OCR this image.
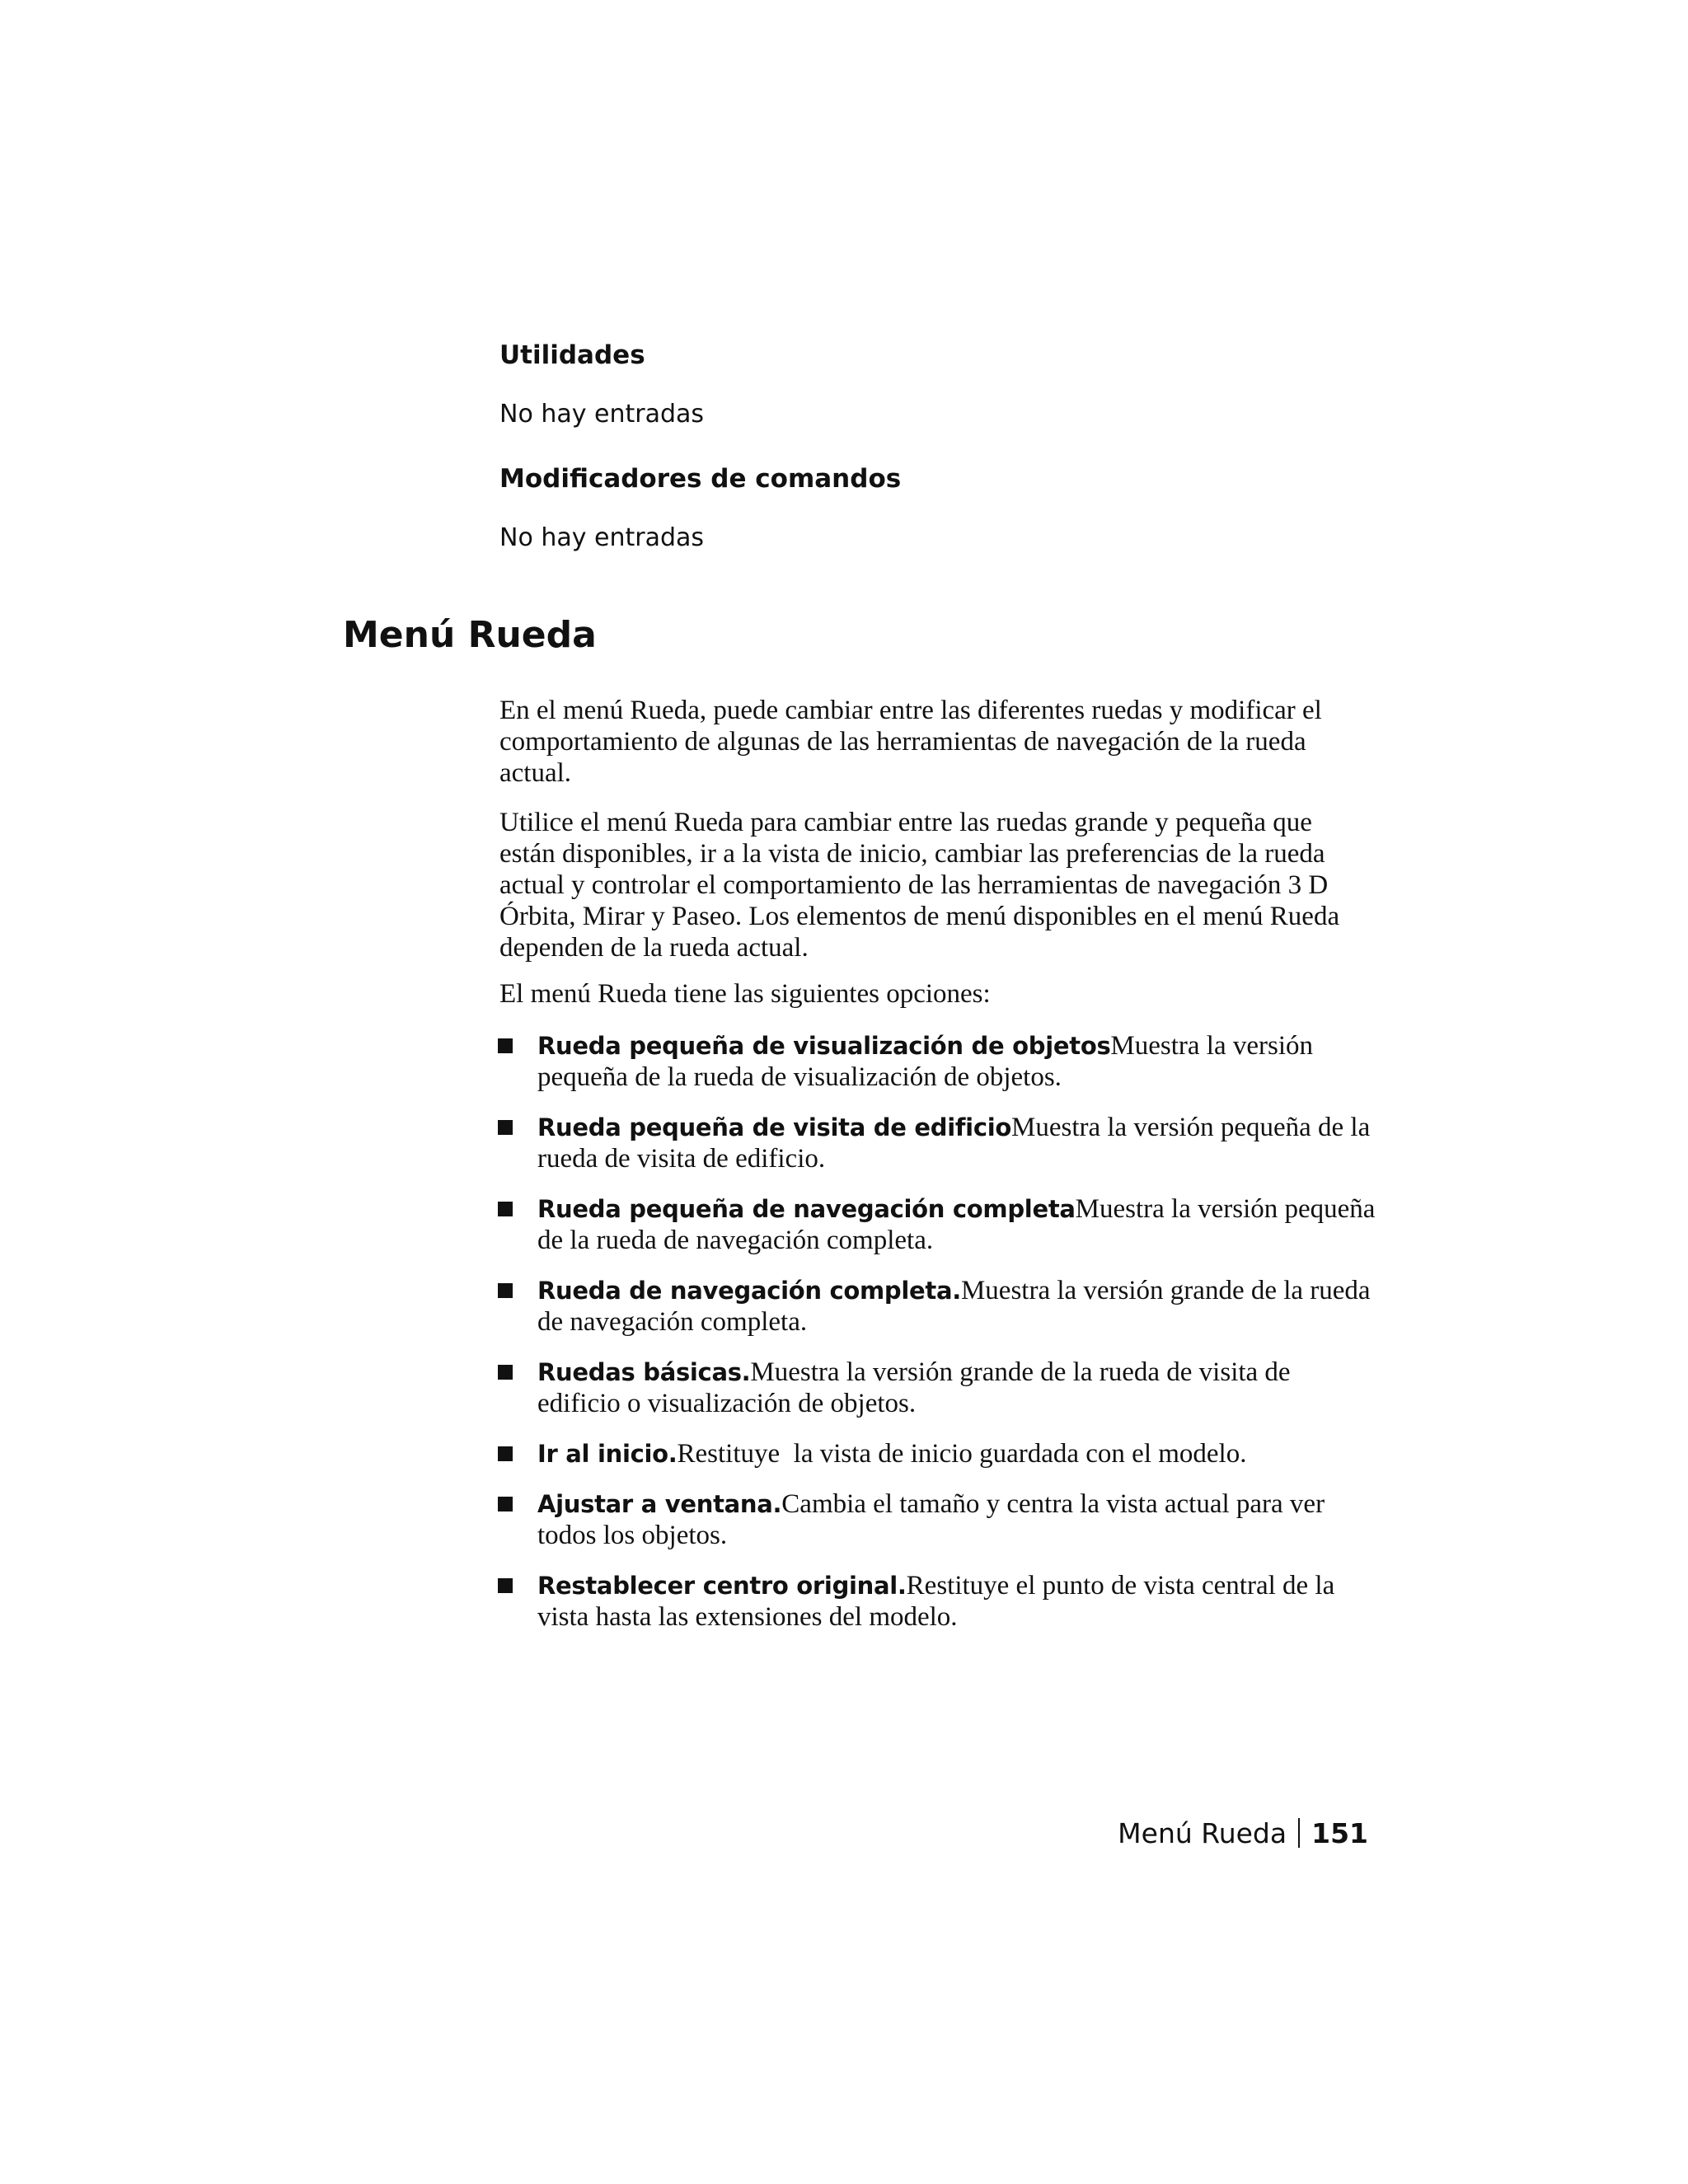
Utilidades

No hay entradas

Modificadores de comandos

No hay entradas

Menú Rueda

En el menú Rueda, puede cambiar entre las diferentes ruedas y modificar el comportamiento de algunas de las herramientas de navegación de la rueda actual.

Utilice el menú Rueda para cambiar entre las ruedas grande y pequeña que están disponibles, ir a la vista de inicio, cambiar las preferencias de la rueda actual y controlar el comportamiento de las herramientas de navegación 3 D Órbita, Mirar y Paseo. Los elementos de menú disponibles en el menú Rueda dependen de la rueda actual.

El menú Rueda tiene las siguientes opciones:

Rueda pequeña de visualización de objetosMuestra la versión pequeña de la rueda de visualización de objetos.
Rueda pequeña de visita de edificioMuestra la versión pequeña de la rueda de visita de edificio.
Rueda pequeña de navegación completaMuestra la versión pequeña de la rueda de navegación completa.
Rueda de navegación completa.Muestra la versión grande de la rueda de navegación completa.
Ruedas básicas.Muestra la versión grande de la rueda de visita de edificio o visualización de objetos.
Ir al inicio.Restituye  la vista de inicio guardada con el modelo.
Ajustar a ventana.Cambia el tamaño y centra la vista actual para ver todos los objetos.
Restablecer centro original.Restituye el punto de vista central de la vista hasta las extensiones del modelo.
Menú Rueda 151
